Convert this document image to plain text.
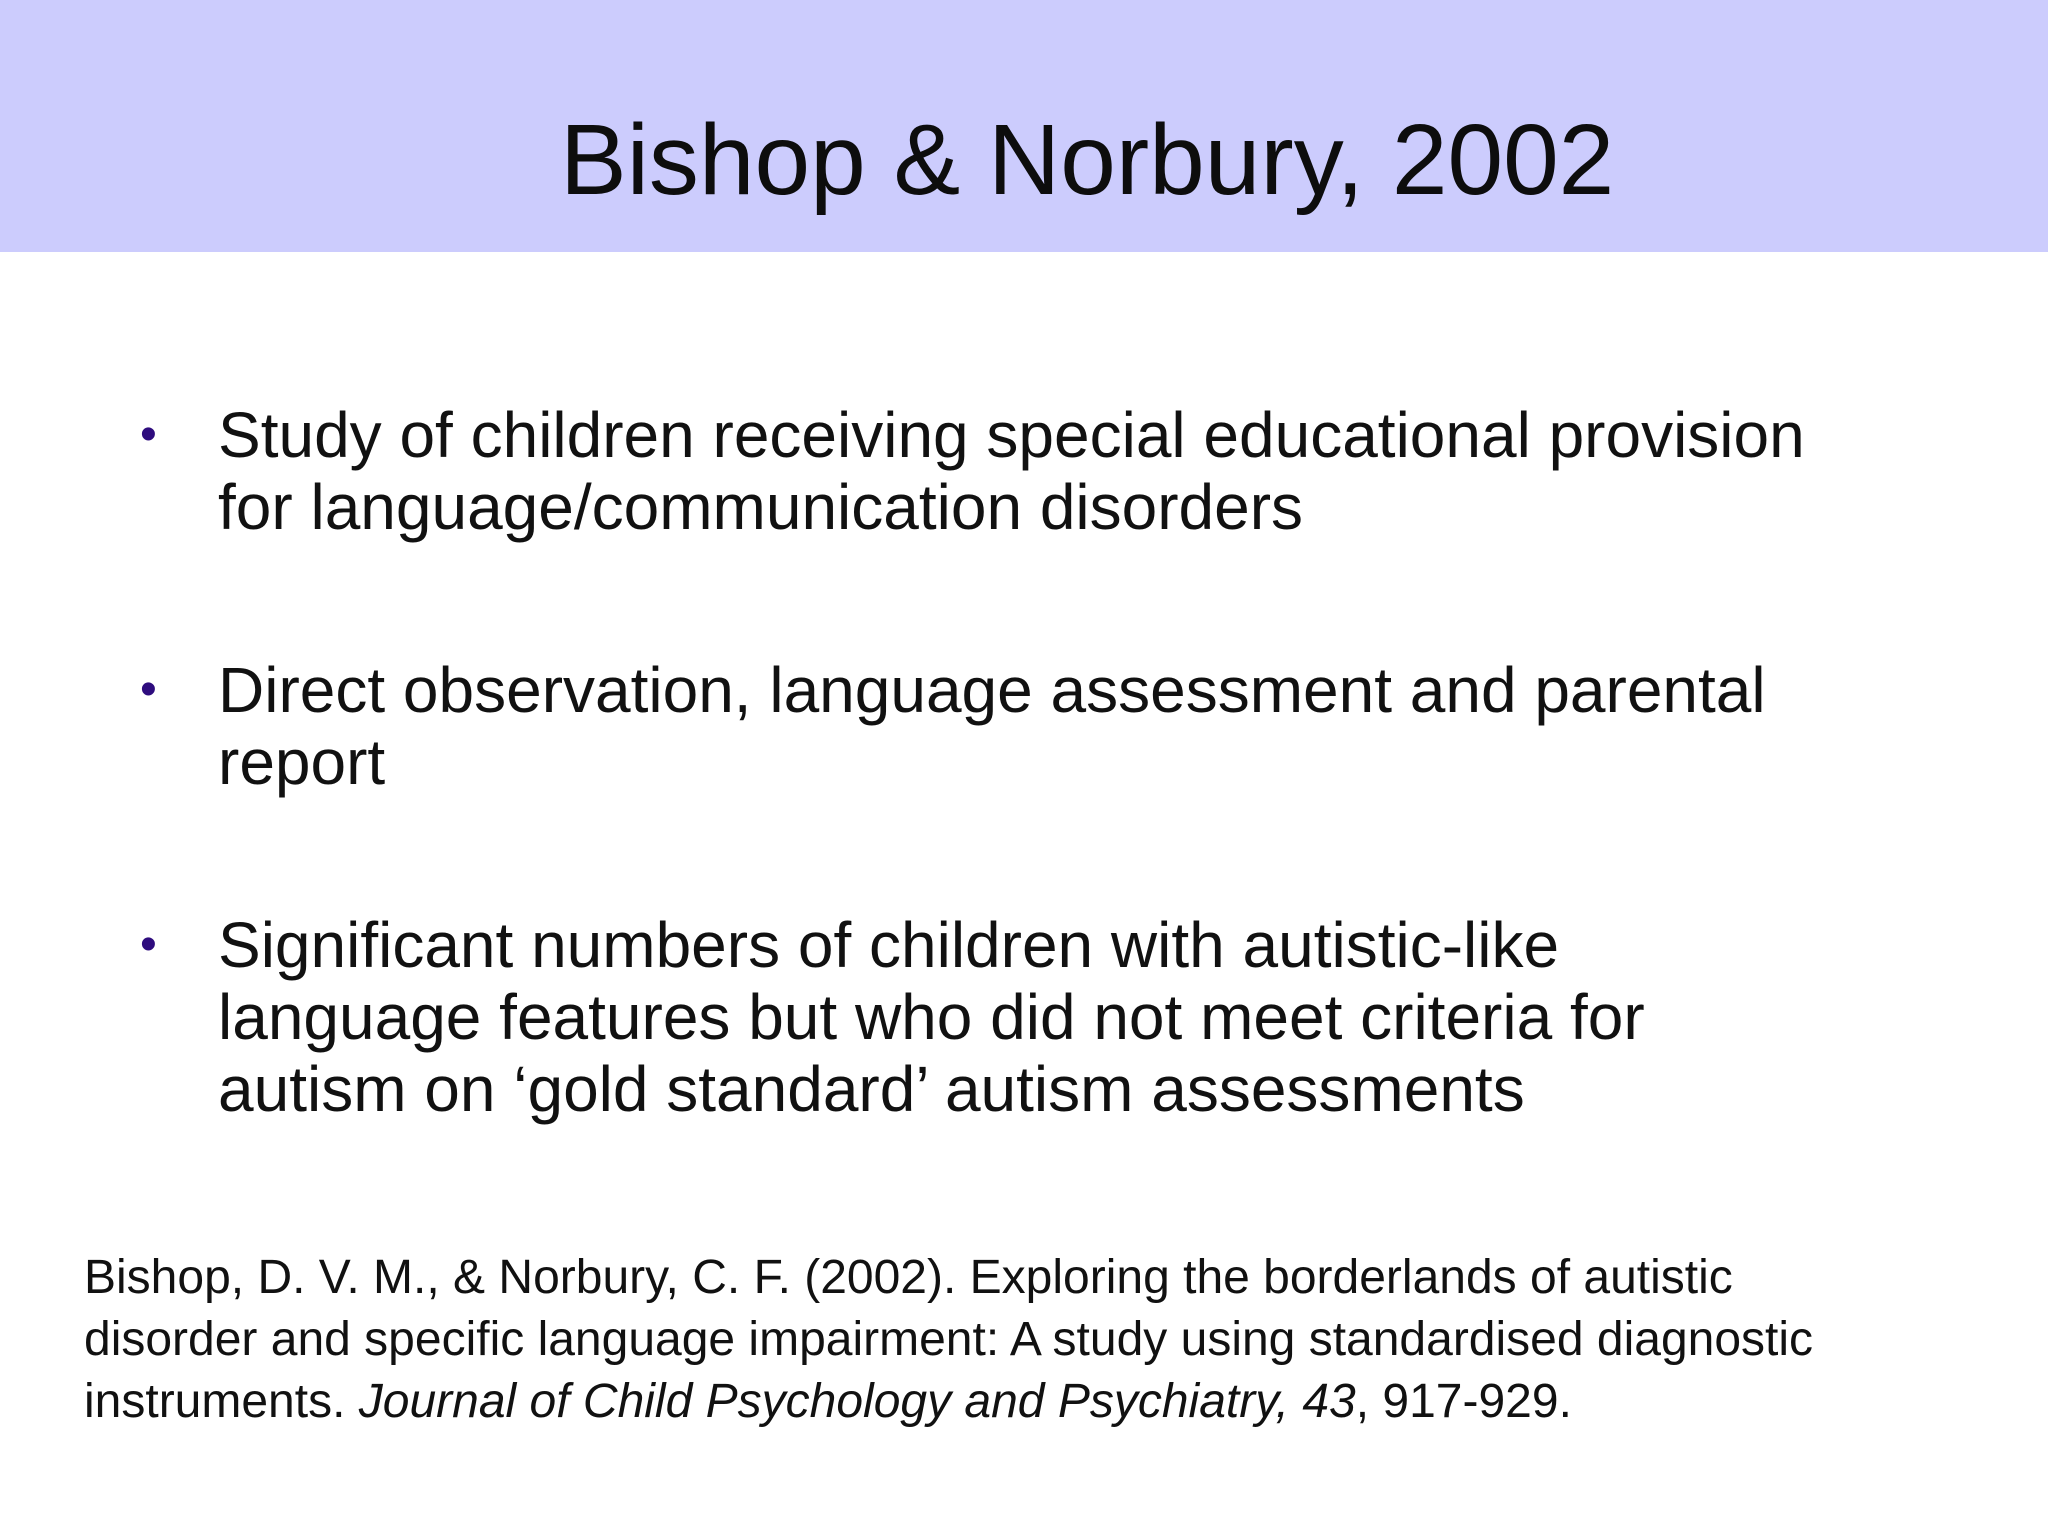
Bishop & Norbury, 2002
• Study of children receiving special educational provision
for language/communication disorders
• Direct observation, language assessment and parental
report
• Significant numbers of children with autistic-like
language features but who did not meet criteria for
autism on ‘gold standard’ autism assessments
Bishop, D. V. M., & Norbury, C. F. (2002). Exploring the borderlands of autistic
disorder and specific language impairment: A study using standardised diagnostic
instruments. Journal of Child Psychology and Psychiatry, 43, 917-929.
